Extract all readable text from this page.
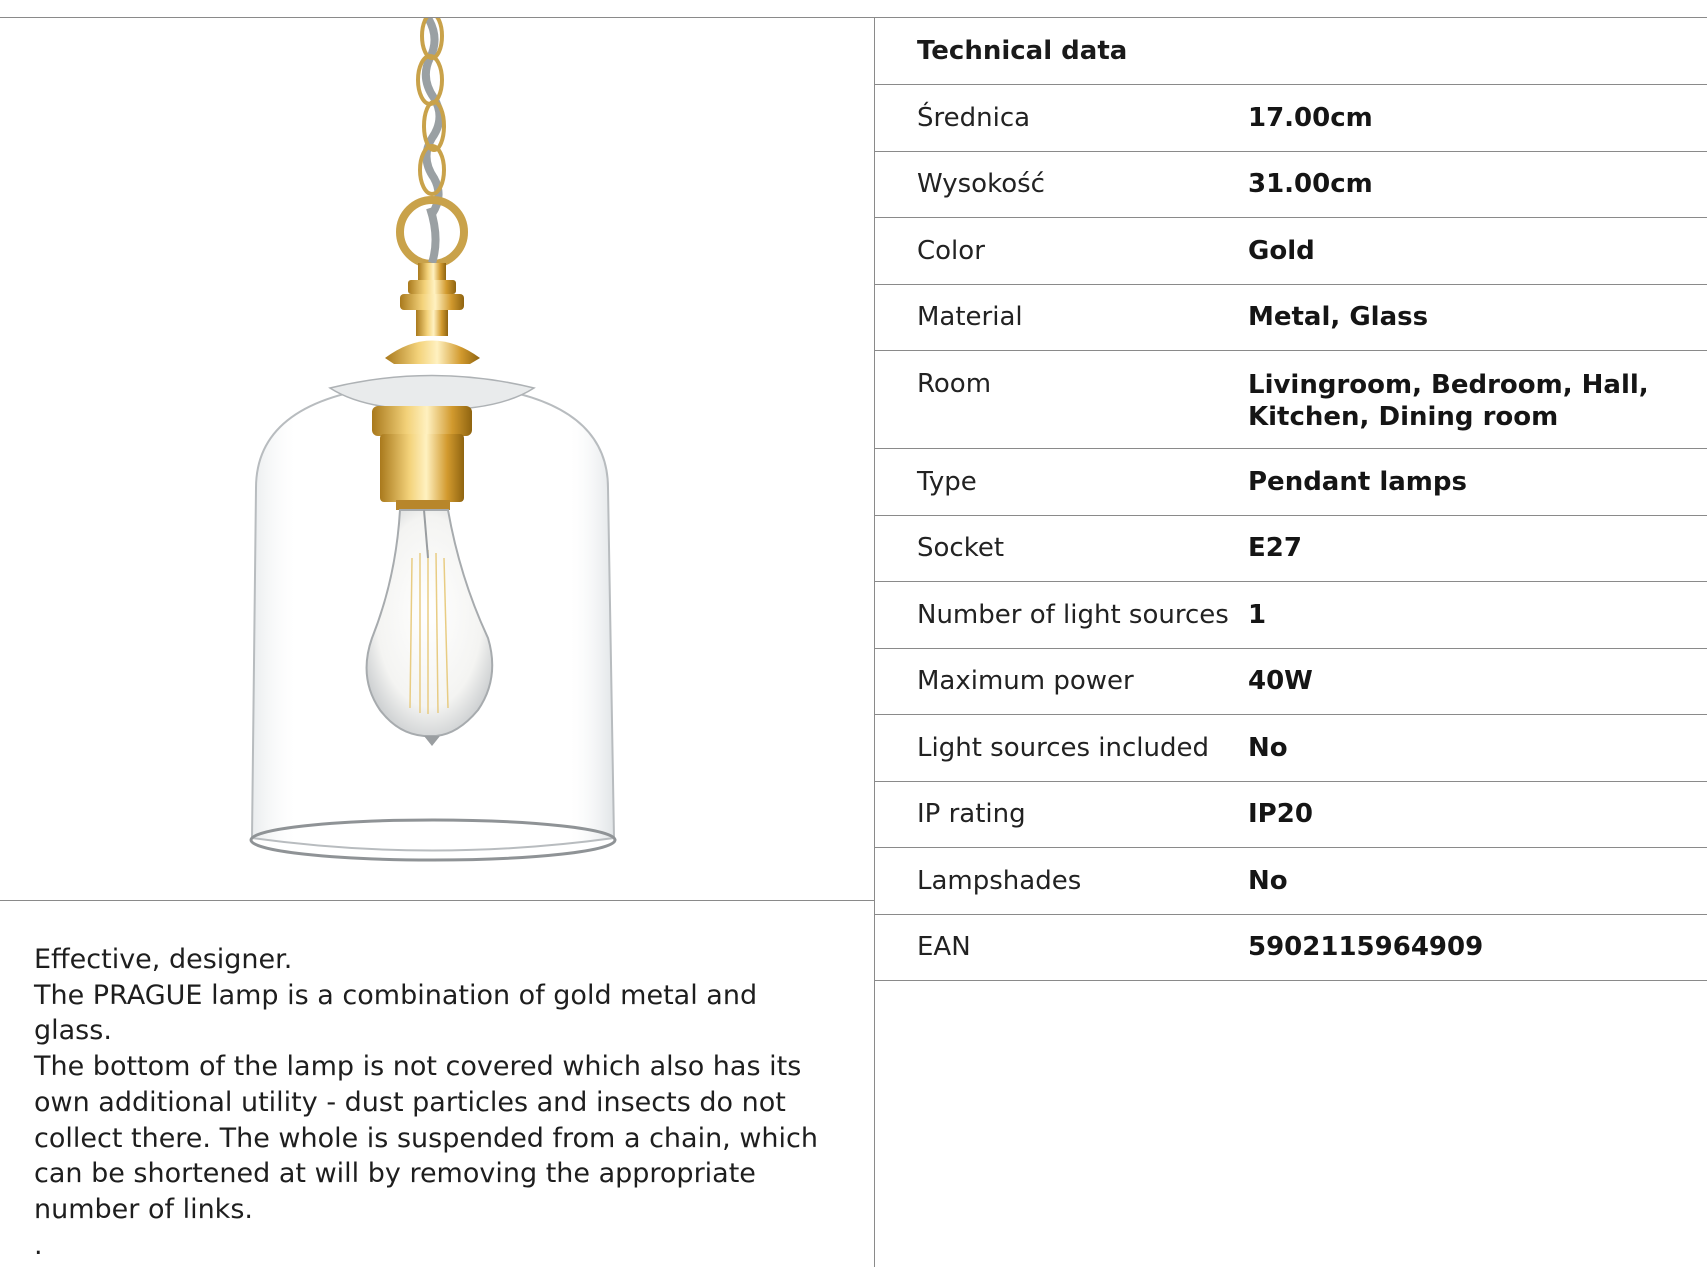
Effective, designer.

The PRAGUE lamp is a combination of gold metal and glass.

The bottom of the lamp is not covered which also has its own additional utility - dust particles and insects do not collect there. The whole is suspended from a chain, which can be shortened at will by removing the appropriate number of links.

.

Technical data
Średnica	17.00cm
Wysokość	31.00cm
Color	Gold
Material	Metal, Glass
Room	Livingroom, Bedroom, Hall, Kitchen, Dining room
Type	Pendant lamps
Socket	E27
Number of light sources 1
Maximum power	40W
Light sources included	No
IP rating	IP20
Lampshades	No
EAN	5902115964909
